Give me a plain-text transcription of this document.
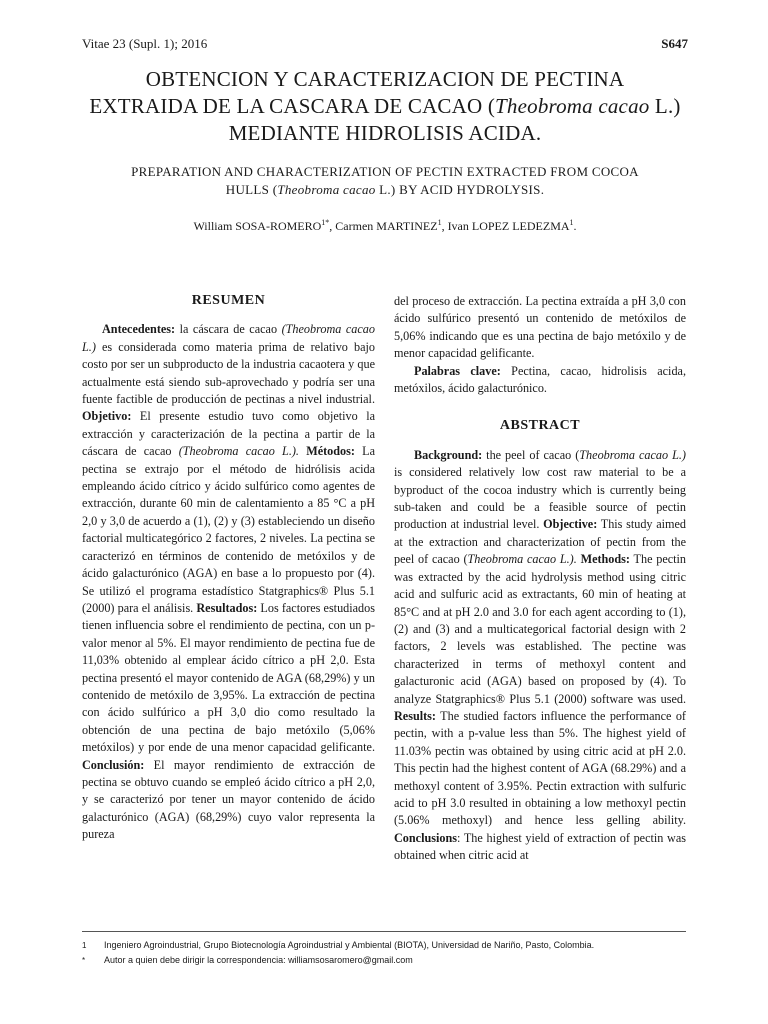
Vitae 23 (Supl. 1); 2016	S647
OBTENCION Y CARACTERIZACION DE PECTINA
EXTRAIDA DE LA CASCARA DE CACAO (Theobroma cacao L.)
MEDIANTE HIDROLISIS ACIDA.
PREPARATION AND CHARACTERIZATION OF PECTIN EXTRACTED FROM COCOA
HULLS (Theobroma cacao L.) BY ACID HYDROLYSIS.
William SOSA-$ROMERO^{1*}$, Carmen MARTINEZ$^1$, Ivan LOPEZ LEDEZMA$^1$.
RESUMEN

Antecedentes: la cáscara de cacao (Theobroma cacao L.) es considerada como materia prima de relativo bajo costo por ser un subproducto de la industria cacaotera y que actualmente está siendo sub-aprovechado y podría ser una fuente factible de producción de pectinas a nivel industrial. Objetivo: El presente estudio tuvo como objetivo la extracción y caracterización de la pectina a partir de la cáscara de cacao (Theobroma cacao L.). Métodos: La pectina se extrajo por el método de hidrólisis acida empleando ácido cítrico y ácido sulfúrico como agentes de extracción, durante 60 min de calentamiento a 85 °C a pH 2,0 y 3,0 de acuerdo a (1), (2) y (3) estableciendo un diseño factorial multicategórico 2 factores, 2 niveles. La pectina se caracterizó en términos de contenido de metóxilos y de ácido galacturónico (AGA) en base a lo propuesto por (4). Se utilizó el programa estadístico Statgraphics® Plus 5.1 (2000) para el análisis. Resultados: Los factores estudiados tienen influencia sobre el rendimiento de pectina, con un p-valor menor al 5%. El mayor rendimiento de pectina fue de 11,03% obtenido al emplear ácido cítrico a pH 2,0. Esta pectina presentó el mayor contenido de AGA (68,29%) y un contenido de metóxilo de 3,95%. La extracción de pectina con ácido sulfúrico a pH 3,0 dio como resultado la obtención de una pectina de bajo metóxilo (5,06% metóxilos) y por ende de una menor capacidad gelificante. Conclusión: El mayor rendimiento de extracción de pectina se obtuvo cuando se empleó ácido cítrico a pH 2,0, y se caracterizó por tener un mayor contenido de ácido galacturónico (AGA) (68,29%) cuyo valor representa la pureza

del proceso de extracción. La pectina extraída a pH 3,0 con ácido sulfúrico presentó un contenido de metóxilos de 5,06% indicando que es una pectina de bajo metóxilo y de menor capacidad gelificante.

Palabras clave: Pectina, cacao, hidrolisis acida, metóxilos, ácido galacturónico.

ABSTRACT

Background: the peel of cacao (Theobroma cacao L.) is considered relatively low cost raw material to be a byproduct of the cocoa industry which is currently being sub-taken and could be a feasible source of pectin production at industrial level. Objective: This study aimed at the extraction and characterization of pectin from the peel of cacao (Theobroma cacao L.). Methods: The pectin was extracted by the acid hydrolysis method using citric acid and sulfuric acid as extractants, 60 min of heating at 85°C and at pH 2.0 and 3.0 for each agent according to (1), (2) and (3) and a multicategorical factorial design with 2 factors, 2 levels was established. The pectine was characterized in terms of methoxyl content and galacturonic acid (AGA) based on proposed by (4). To analyze Statgraphics® Plus 5.1 (2000) software was used. Results: The studied factors influence the performance of pectin, with a p-value less than 5%. The highest yield of 11.03% pectin was obtained by using citric acid at pH 2.0. This pectin had the highest content of AGA (68.29%) and a methoxyl content of 3.95%. Pectin extraction with sulfuric acid to pH 3.0 resulted in obtaining a low methoxyl pectin (5.06% methoxyl) and hence less gelling ability. Conclusions: The highest yield of extraction of pectin was obtained when citric acid at

1	Ingeniero Agroindustrial, Grupo Biotecnología Agroindustrial y Ambiental (BIOTA), Universidad de Nariño, Pasto, Colombia.
*	Autor a quien debe dirigir la correspondencia: williamsosaromero@gmail.com
